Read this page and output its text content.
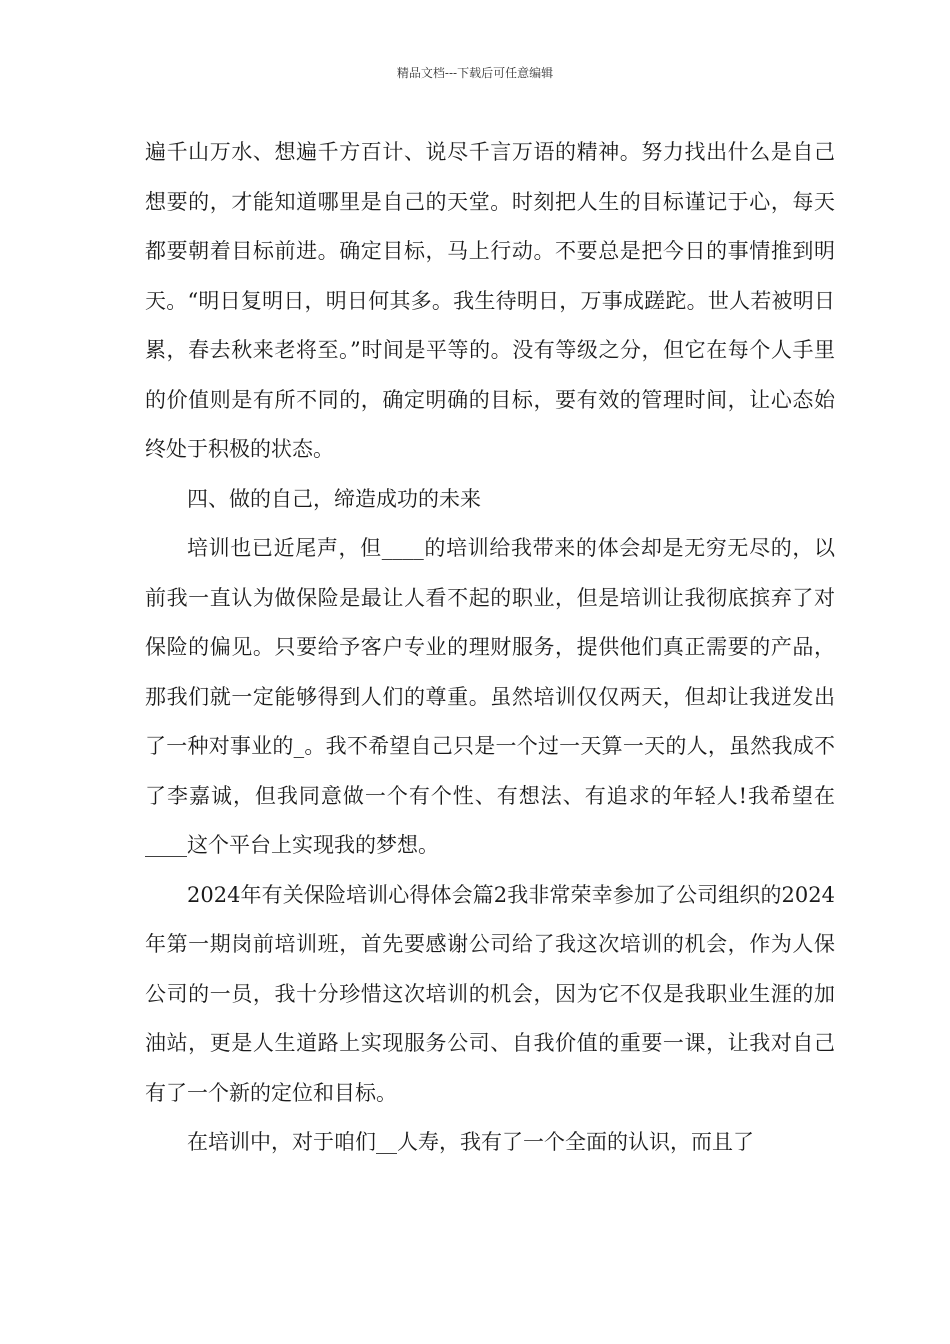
精品文档---下载后可任意编辑

遍千山万水、想遍千方百计、说尽千言万语的精神。努力找出什么是自己想要的，才能知道哪里是自己的天堂。时刻把人生的目标谨记于心，每天都要朝着目标前进。确定目标，马上行动。不要总是把今日的事情推到明天。“明日复明日，明日何其多。我生待明日，万事成蹉跎。世人若被明日累，春去秋来老将至。”时间是平等的。没有等级之分，但它在每个人手里的价值则是有所不同的，确定明确的目标，要有效的管理时间，让心态始终处于积极的状态。

四、做的自己，缔造成功的未来

培训也已近尾声，但____的培训给我带来的体会却是无穷无尽的，以前我一直认为做保险是最让人看不起的职业，但是培训让我彻底摈弃了对保险的偏见。只要给予客户专业的理财服务，提供他们真正需要的产品，那我们就一定能够得到人们的尊重。虽然培训仅仅两天，但却让我迸发出了一种对事业的_。我不希望自己只是一个过一天算一天的人，虽然我成不了李嘉诚，但我同意做一个有个性、有想法、有追求的年轻人!我希望在____这个平台上实现我的梦想。

2024年有关保险培训心得体会篇2我非常荣幸参加了公司组织的2024年第一期岗前培训班，首先要感谢公司给了我这次培训的机会，作为人保公司的一员，我十分珍惜这次培训的机会，因为它不仅是我职业生涯的加油站，更是人生道路上实现服务公司、自我价值的重要一课，让我对自己有了一个新的定位和目标。

在培训中，对于咱们__人寿，我有了一个全面的认识，而且了
